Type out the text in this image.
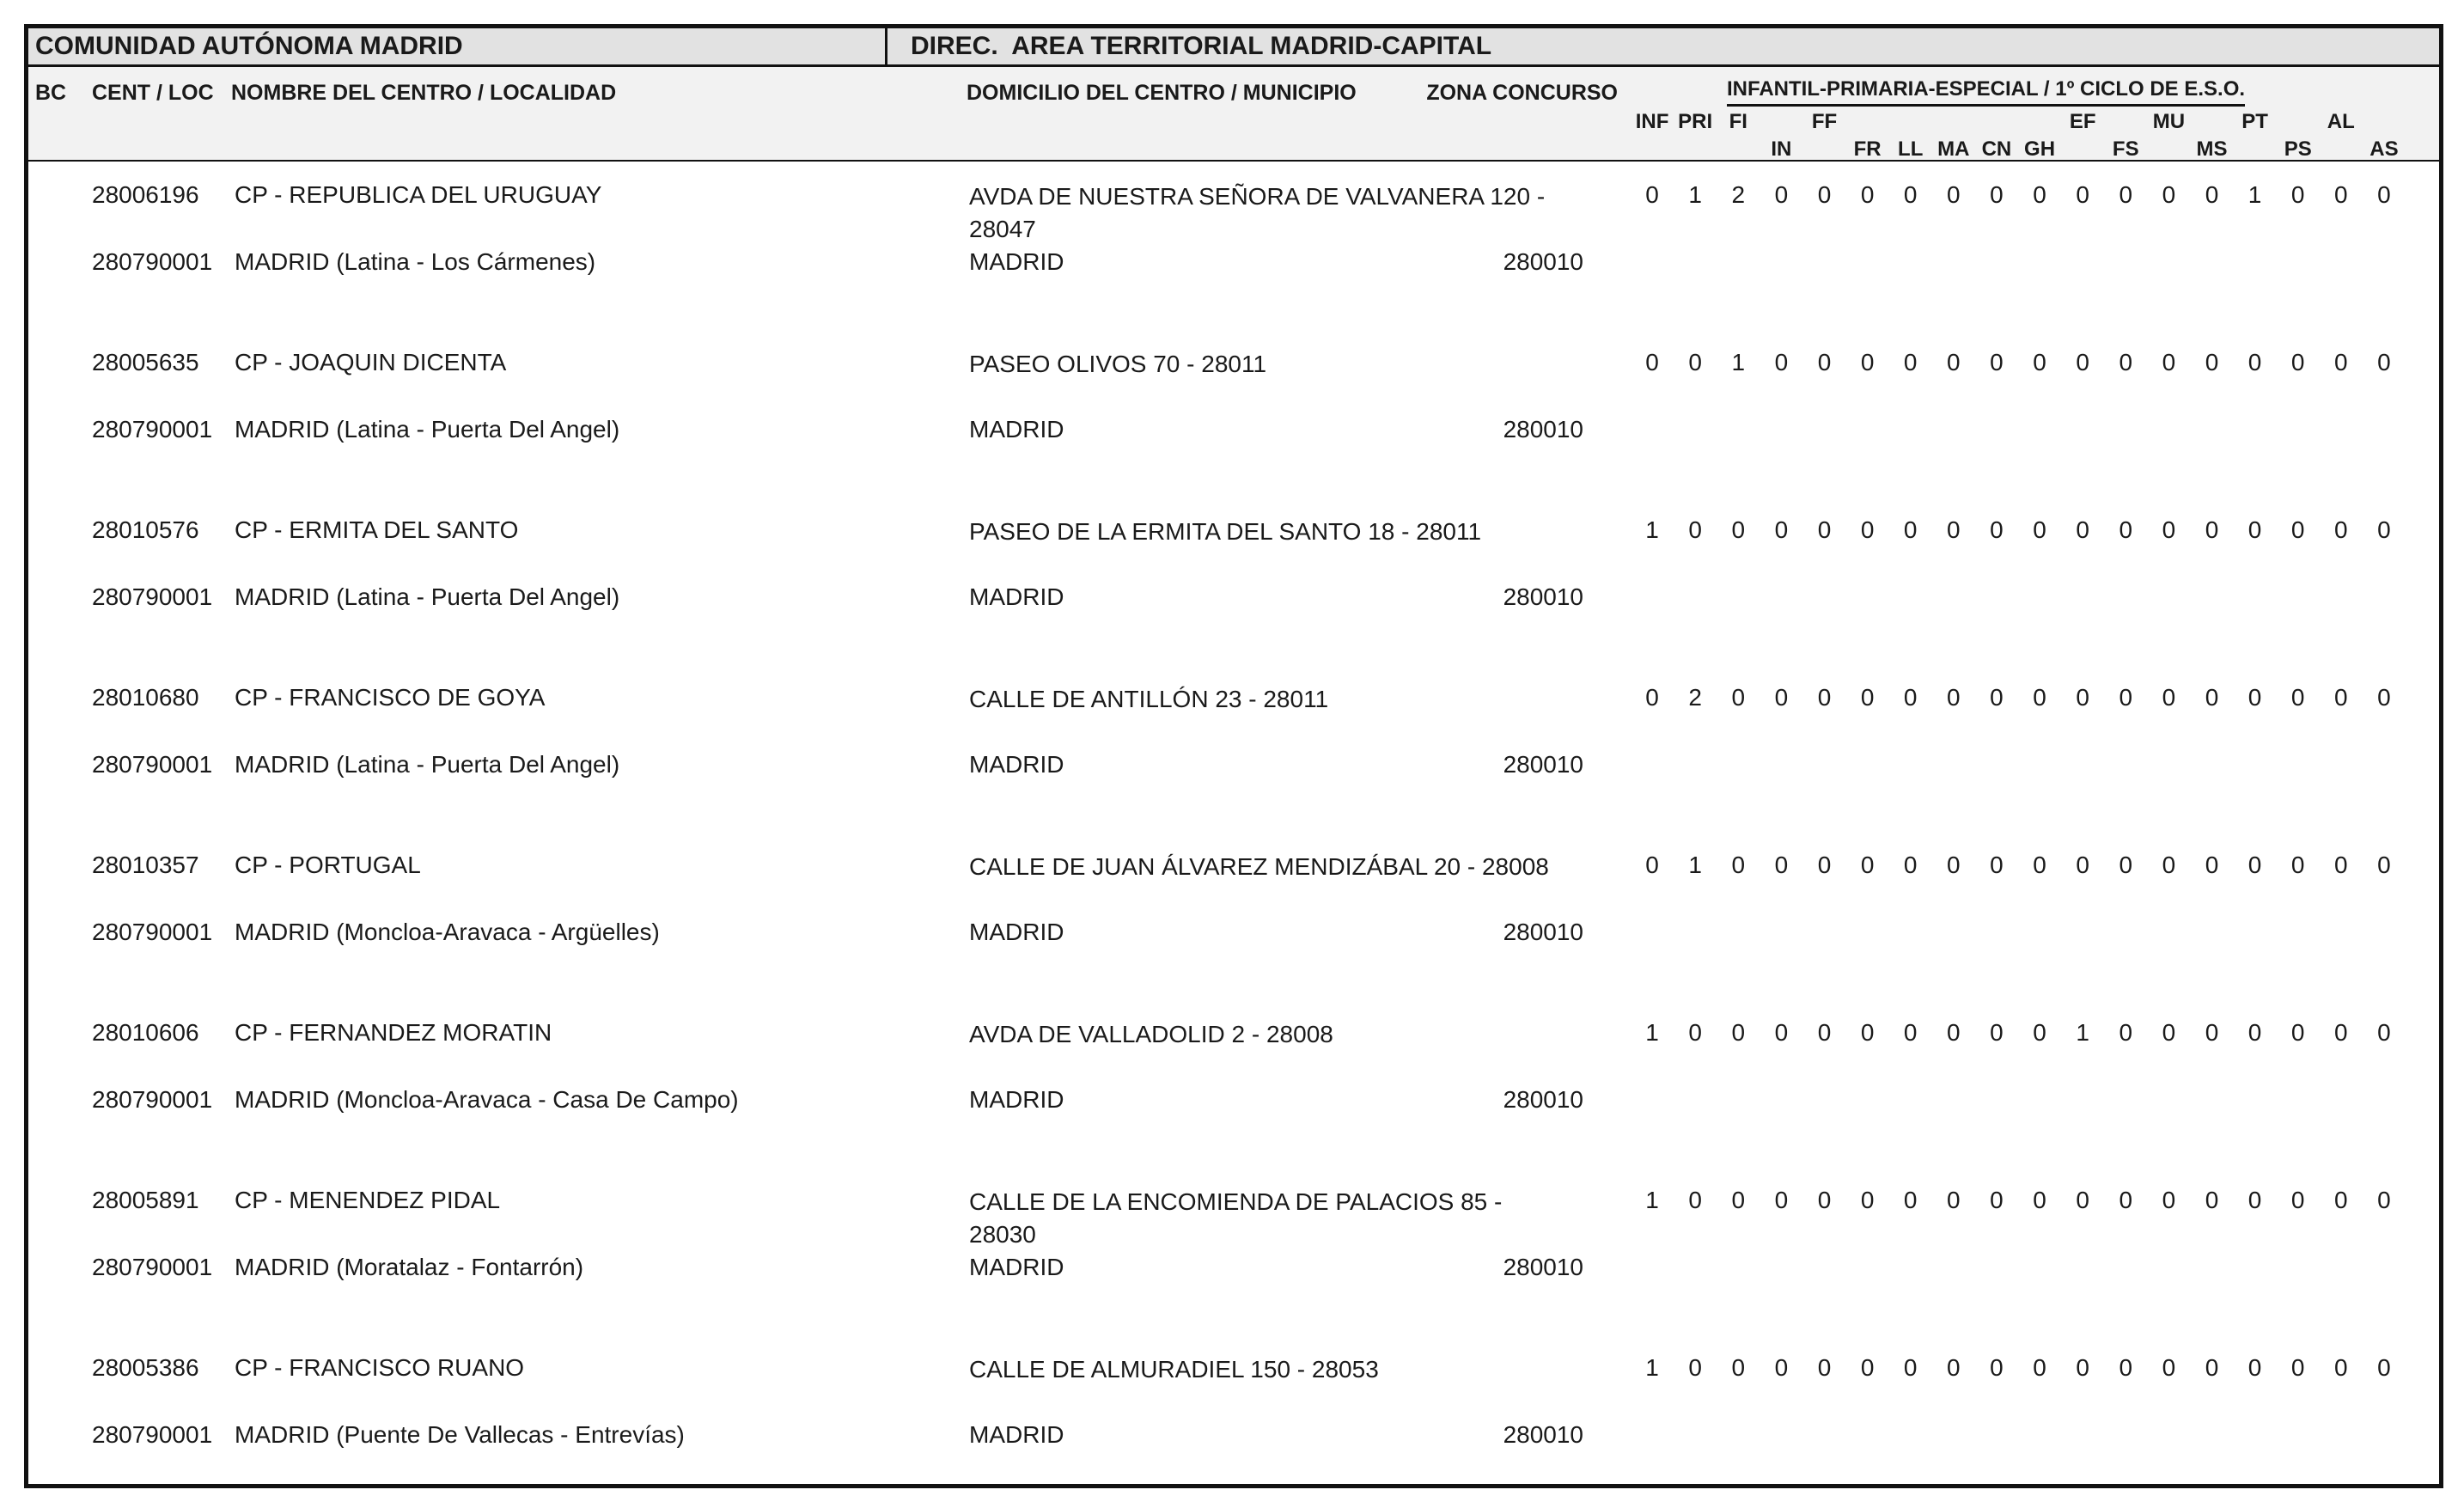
COMUNIDAD AUTÓNOMA MADRID	DIREC.  AREA TERRITORIAL MADRID-CAPITAL
BC CENT / LOC NOMBRE DEL CENTRO / LOCALIDAD	DOMICILIO DEL CENTRO / MUNICIPIO	ZONA CONCURSO	INFANTIL-PRIMARIA-ESPECIAL / 1º CICLO DE E.S.O.
INF PRI FI	FF	EF	MU	PT	AL
IN	FR LL MA CN GH	FS	MS	PS	AS
28006196 CP - REPUBLICA DEL URUGUAY	AVDA DE NUESTRA SEÑORA DE VALVANERA 120 -
28047
0	1	2	0	0	0	0	0	0	0	0	0	0	0	1	0	0	0
280790001 MADRID (Latina - Los Cármenes)	MADRID	280010
28005635 CP - JOAQUIN DICENTA	PASEO OLIVOS 70 - 28011	0	0	1	0	0	0	0	0	0	0	0	0	0	0	0	0	0	0
280790001 MADRID (Latina - Puerta Del Angel)	MADRID	280010
28010576 CP - ERMITA DEL SANTO	PASEO DE LA ERMITA DEL SANTO 18 - 28011	1	0	0	0	0	0	0	0	0	0	0	0	0	0	0	0	0	0
280790001 MADRID (Latina - Puerta Del Angel)	MADRID	280010
28010680 CP - FRANCISCO DE GOYA	CALLE DE ANTILLÓN 23 - 28011	0	2	0	0	0	0	0	0	0	0	0	0	0	0	0	0	0	0
280790001 MADRID (Latina - Puerta Del Angel)	MADRID	280010
28010357 CP - PORTUGAL	CALLE DE JUAN ÁLVAREZ MENDIZÁBAL 20 - 28008	0	1	0	0	0	0	0	0	0	0	0	0	0	0	0	0	0	0
280790001 MADRID (Moncloa-Aravaca - Argüelles)	MADRID	280010
28010606 CP - FERNANDEZ MORATIN	AVDA DE VALLADOLID 2 - 28008	1	0	0	0	0	0	0	0	0	0	1	0	0	0	0	0	0	0
280790001 MADRID (Moncloa-Aravaca - Casa De Campo)	MADRID	280010
28005891 CP - MENENDEZ PIDAL	CALLE DE LA ENCOMIENDA DE PALACIOS 85 -
28030
1	0	0	0	0	0	0	0	0	0	0	0	0	0	0	0	0	0
280790001 MADRID (Moratalaz - Fontarrón)	MADRID	280010
28005386 CP - FRANCISCO RUANO	CALLE DE ALMURADIEL 150 - 28053	1	0	0	0	0	0	0	0	0	0	0	0	0	0	0	0	0	0
280790001 MADRID (Puente De Vallecas - Entrevías)	MADRID	280010
